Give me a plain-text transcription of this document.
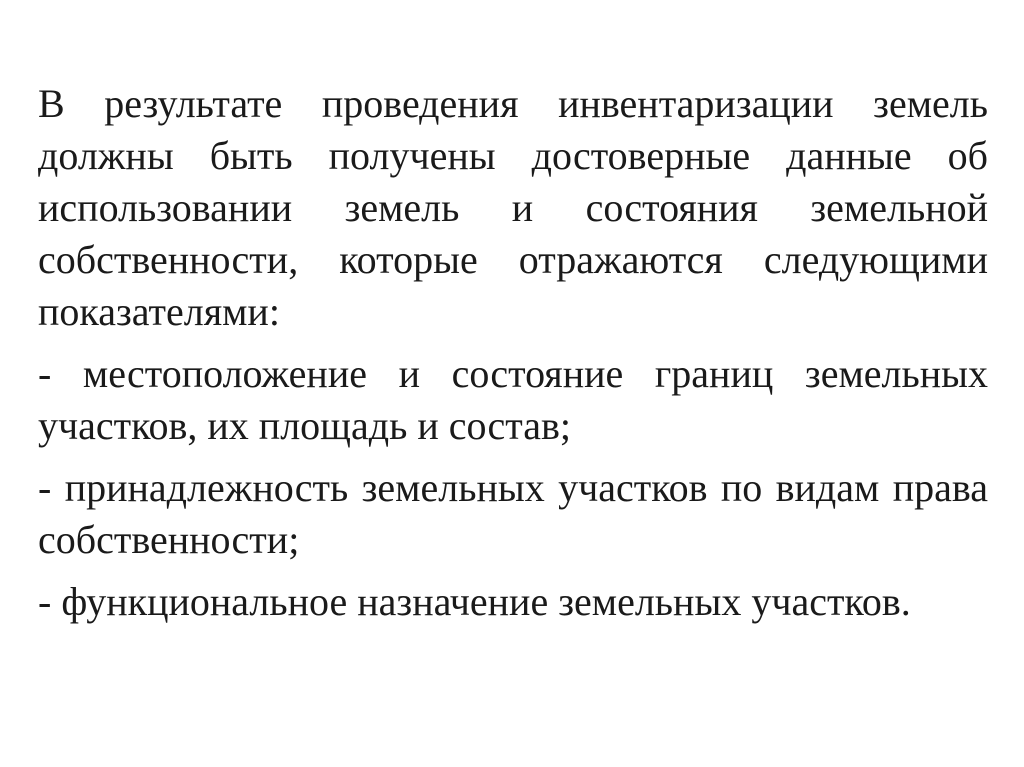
В результате проведения инвентаризации земель должны быть получены достоверные данные об использовании земель и состояния земельной собственности, которые отражаются следующими показателями:

- местоположение и состояние границ земельных участков, их площадь и состав;

- принадлежность земельных участков по видам права собственности;

- функциональное назначение земельных участков.
